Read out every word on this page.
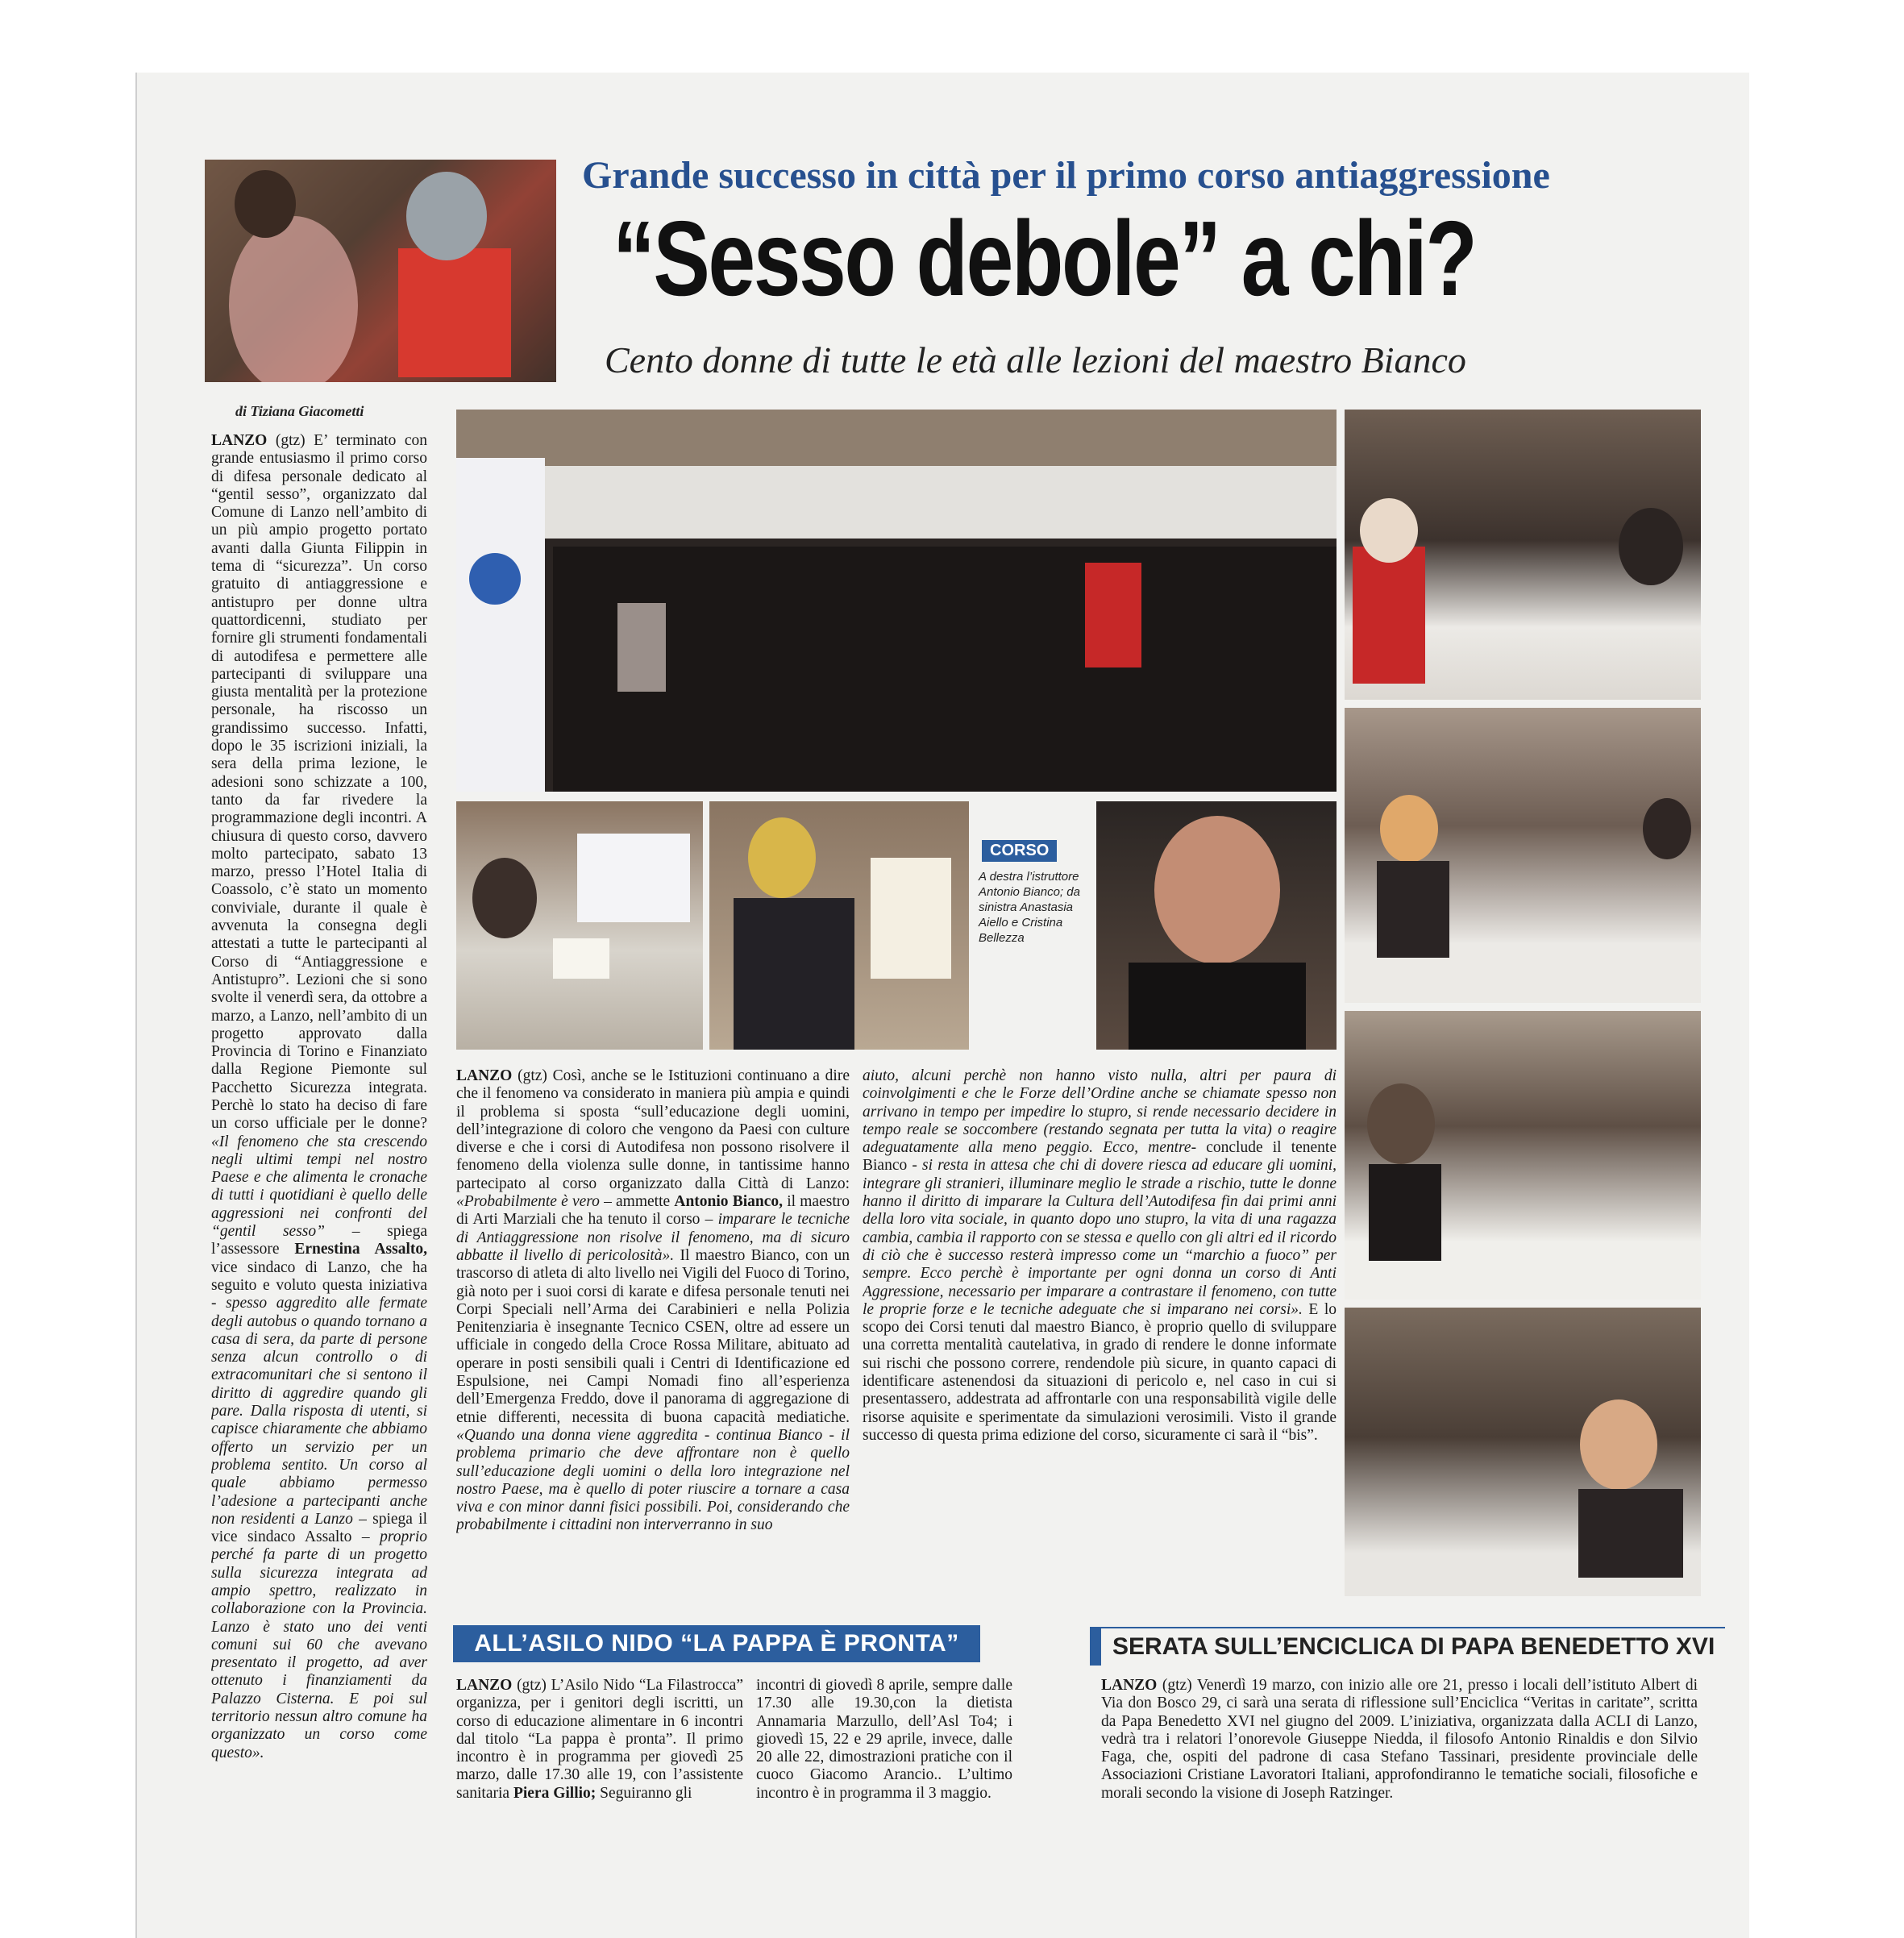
Grande successo in città per il primo corso antiaggressione
“Sesso debole” a chi?
Cento donne di tutte le età alle lezioni del maestro Bianco
di Tiziana Giacometti
LANZO (gtz) E’ terminato con grande entusiasmo il primo corso di difesa personale dedicato al “gentil sesso”, organizzato dal Comune di Lanzo nell’ambito di un più ampio progetto portato avanti dalla Giunta Filippin in tema di “sicurezza”. Un corso gratuito di antiaggressione e antistupro per donne ultra quattordicenni, studiato per fornire gli strumenti fondamentali di autodifesa e permettere alle partecipanti di sviluppare una giusta mentalità per la protezione personale, ha riscosso un grandissimo successo. Infatti, dopo le 35 iscrizioni iniziali, la sera della prima lezione, le adesioni sono schizzate a 100, tanto da far rivedere la programmazione degli incontri. A chiusura di questo corso, davvero molto partecipato, sabato 13 marzo, presso l’Hotel Italia di Coassolo, c’è stato un momento conviviale, durante il quale è avvenuta la consegna degli attestati a tutte le partecipanti al Corso di “Antiaggressione e Antistupro”. Lezioni che si sono svolte il venerdì sera, da ottobre a marzo, a Lanzo, nell’ambito di un progetto approvato dalla Provincia di Torino e Finanziato dalla Regione Piemonte sul Pacchetto Sicurezza integrata. Perchè lo stato ha deciso di fare un corso ufficiale per le donne? «Il fenomeno che sta crescendo negli ultimi tempi nel nostro Paese e che alimenta le cronache di tutti i quotidiani è quello delle aggressioni nei confronti del “gentil sesso” – spiega l’assessore Ernestina Assalto, vice sindaco di Lanzo, che ha seguito e voluto questa iniziativa - spesso aggredito alle fermate degli autobus o quando tornano a casa di sera, da parte di persone senza alcun controllo o di extracomunitari che si sentono il diritto di aggredire quando gli pare. Dalla risposta di utenti, si capisce chiaramente che abbiamo offerto un servizio per un problema sentito. Un corso al quale abbiamo permesso l’adesione a partecipanti anche non residenti a Lanzo – spiega il vice sindaco Assalto – proprio perché fa parte di un progetto sulla sicurezza integrata ad ampio spettro, realizzato in collaborazione con la Provincia. Lanzo è stato uno dei venti comuni sui 60 che avevano presentato il progetto, ad aver ottenuto i finanziamenti da Palazzo Cisterna. E poi sul territorio nessun altro comune ha organizzato un corso come questo».
CORSO
A destra l’istruttore Antonio Bianco; da sinistra Anastasia Aiello e Cristina Bellezza
LANZO (gtz) Così, anche se le Istituzioni continuano a dire che il fenomeno va considerato in maniera più ampia e quindi il problema si sposta “sull’educazione degli uomini, dell’integrazione di coloro che vengono da Paesi con culture diverse e che i corsi di Autodifesa non possono risolvere il fenomeno della violenza sulle donne, in tantissime hanno partecipato al corso organizzato dalla Città di Lanzo: «Probabilmente è vero – ammette Antonio Bianco, il maestro di Arti Marziali che ha tenuto il corso – imparare le tecniche di Antiaggressione non risolve il fenomeno, ma di sicuro abbatte il livello di pericolosità». Il maestro Bianco, con un trascorso di atleta di alto livello nei Vigili del Fuoco di Torino, già noto per i suoi corsi di karate e difesa personale tenuti nei Corpi Speciali nell’Arma dei Carabinieri e nella Polizia Penitenziaria è insegnante Tecnico CSEN, oltre ad essere un ufficiale in congedo della Croce Rossa Militare, abituato ad operare in posti sensibili quali i Centri di Identificazione ed Espulsione, nei Campi Nomadi fino all’esperienza dell’Emergenza Freddo, dove il panorama di aggregazione di etnie differenti, necessita di buona capacità mediatiche. «Quando una donna viene aggredita - continua Bianco - il problema primario che deve affrontare non è quello sull’educazione degli uomini o della loro integrazione nel nostro Paese, ma è quello di poter riuscire a tornare a casa viva e con minor danni fisici possibili. Poi, considerando che probabilmente i cittadini non interverranno in suo
aiuto, alcuni perchè non hanno visto nulla, altri per paura di coinvolgimenti e che le Forze dell’Ordine anche se chiamate spesso non arrivano in tempo per impedire lo stupro, si rende necessario decidere in tempo reale se soccombere (restando segnata per tutta la vita) o reagire adeguatamente alla meno peggio. Ecco, mentre- conclude il tenente Bianco - si resta in attesa che chi di dovere riesca ad educare gli uomini, integrare gli stranieri, illuminare meglio le strade a rischio, tutte le donne hanno il diritto di imparare la Cultura dell’Autodifesa fin dai primi anni della loro vita sociale, in quanto dopo uno stupro, la vita di una ragazza cambia, cambia il rapporto con se stessa e quello con gli altri ed il ricordo di ciò che è successo resterà impresso come un “marchio a fuoco” per sempre. Ecco perchè è importante per ogni donna un corso di Anti Aggressione, necessario per imparare a contrastare il fenomeno, con tutte le proprie forze e le tecniche adeguate che si imparano nei corsi». E lo scopo dei Corsi tenuti dal maestro Bianco, è proprio quello di sviluppare una corretta mentalità cautelativa, in grado di rendere le donne informate sui rischi che possono correre, rendendole più sicure, in quanto capaci di identificare astenendosi da situazioni di pericolo e, nel caso in cui si presentassero, addestrata ad affrontarle con una responsabilità vigile delle risorse aquisite e sperimentate da simulazioni verosimili. Visto il grande successo di questa prima edizione del corso, sicuramente ci sarà il “bis”.
ALL’ASILO NIDO “LA PAPPA È PRONTA”
LANZO (gtz) L’Asilo Nido “La Filastrocca” organizza, per i genitori degli iscritti, un corso di educazione alimentare in 6 incontri dal titolo “La pappa è pronta”. Il primo incontro è in programma per giovedì 25 marzo, dalle 17.30 alle 19, con l’assistente sanitaria Piera Gillio; Seguiranno gli
incontri di giovedì 8 aprile, sempre dalle 17.30 alle 19.30,con la dietista Annamaria Marzullo, dell’Asl To4; i giovedì 15, 22 e 29 aprile, invece, dalle 20 alle 22, dimostrazioni pratiche con il cuoco Giacomo Arancio.. L’ultimo incontro è in programma il 3 maggio.
SERATA SULL’ENCICLICA DI PAPA BENEDETTO XVI
LANZO (gtz) Venerdì 19 marzo, con inizio alle ore 21, presso i locali dell’istituto Albert di Via don Bosco 29, ci sarà una serata di riflessione sull’Enciclica “Veritas in caritate”, scritta da Papa Benedetto XVI nel giugno del 2009. L’iniziativa, organizzata dalla ACLI di Lanzo, vedrà tra i relatori l’onorevole Giuseppe Niedda, il filosofo Antonio Rinaldis e don Silvio Faga, che, ospiti del padrone di casa Stefano Tassinari, presidente provinciale delle Associazioni Cristiane Lavoratori Italiani, approfondiranno le tematiche sociali, filosofiche e morali secondo la visione di Joseph Ratzinger.
